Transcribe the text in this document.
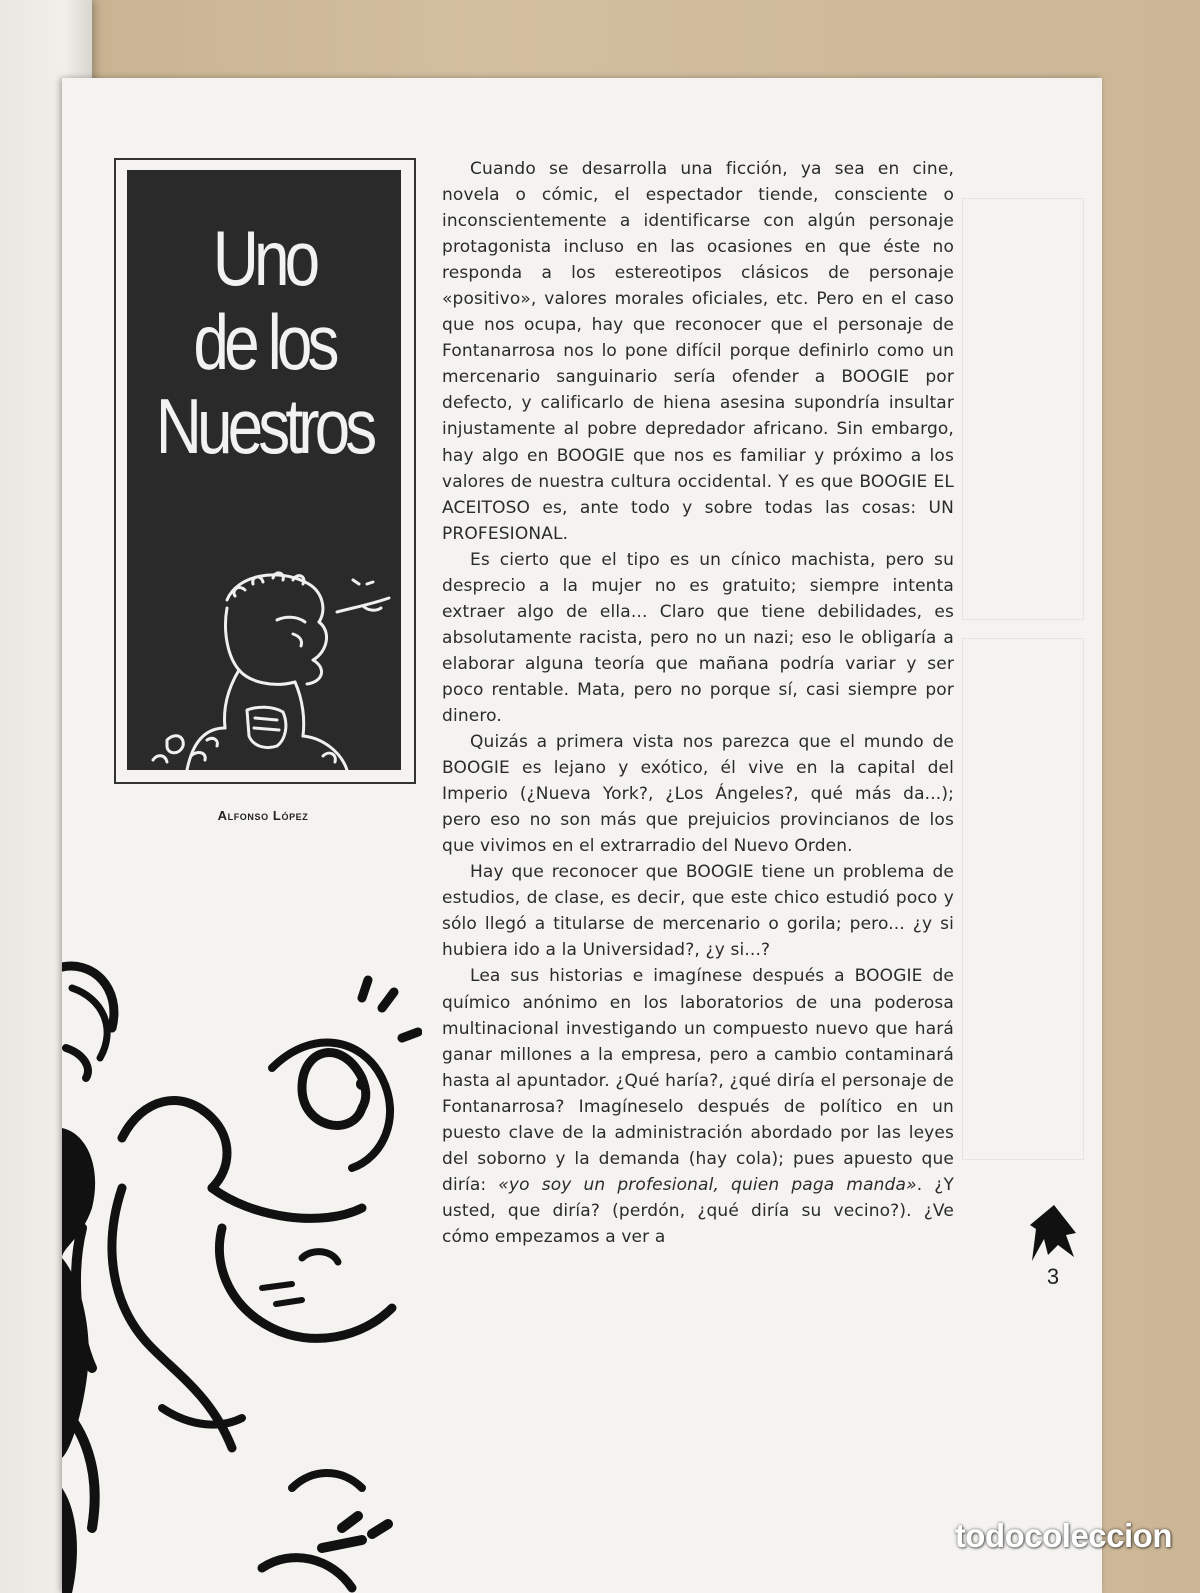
Uno
de los
Nuestros
Alfonso López

Cuando se desarrolla una ficción, ya sea en cine, novela o cómic, el espectador tiende, consciente o inconscientemente a identificarse con algún personaje protagonista incluso en las ocasiones en que éste no responda a los estereotipos clásicos de personaje «positivo», valores morales oficiales, etc. Pero en el caso que nos ocupa, hay que reconocer que el personaje de Fontanarrosa nos lo pone difícil porque definirlo como un mercenario sanguinario sería ofender a BOOGIE por defecto, y calificarlo de hiena asesina supondría insultar injustamente al pobre depredador africano. Sin embargo, hay algo en BOOGIE que nos es familiar y próximo a los valores de nuestra cultura occidental. Y es que BOOGIE EL ACEITOSO es, ante todo y sobre todas las cosas: UN PROFESIONAL.

Es cierto que el tipo es un cínico machista, pero su desprecio a la mujer no es gratuito; siempre intenta extraer algo de ella... Claro que tiene debilidades, es absolutamente racista, pero no un nazi; eso le obligaría a elaborar alguna teoría que mañana podría variar y ser poco rentable. Mata, pero no porque sí, casi siempre por dinero.

Quizás a primera vista nos parezca que el mundo de BOOGIE es lejano y exótico, él vive en la capital del Imperio (¿Nueva York?, ¿Los Ángeles?, qué más da...); pero eso no son más que prejuicios provincianos de los que vivimos en el extrarradio del Nuevo Orden.

Hay que reconocer que BOOGIE tiene un problema de estudios, de clase, es decir, que este chico estudió poco y sólo llegó a titularse de mercenario o gorila; pero... ¿y si hubiera ido a la Universidad?, ¿y si...?

Lea sus historias e imagínese después a BOOGIE de químico anónimo en los laboratorios de una poderosa multinacional investigando un compuesto nuevo que hará ganar millones a la empresa, pero a cambio contaminará hasta al apuntador. ¿Qué haría?, ¿qué diría el personaje de Fontanarrosa? Imagíneselo después de político en un puesto clave de la administración abordado por las leyes del soborno y la demanda (hay cola); pues apuesto que diría: «yo soy un profesional, quien paga manda». ¿Y usted, que diría? (perdón, ¿qué diría su vecino?). ¿Ve cómo empezamos a ver a

3
todocoleccion
